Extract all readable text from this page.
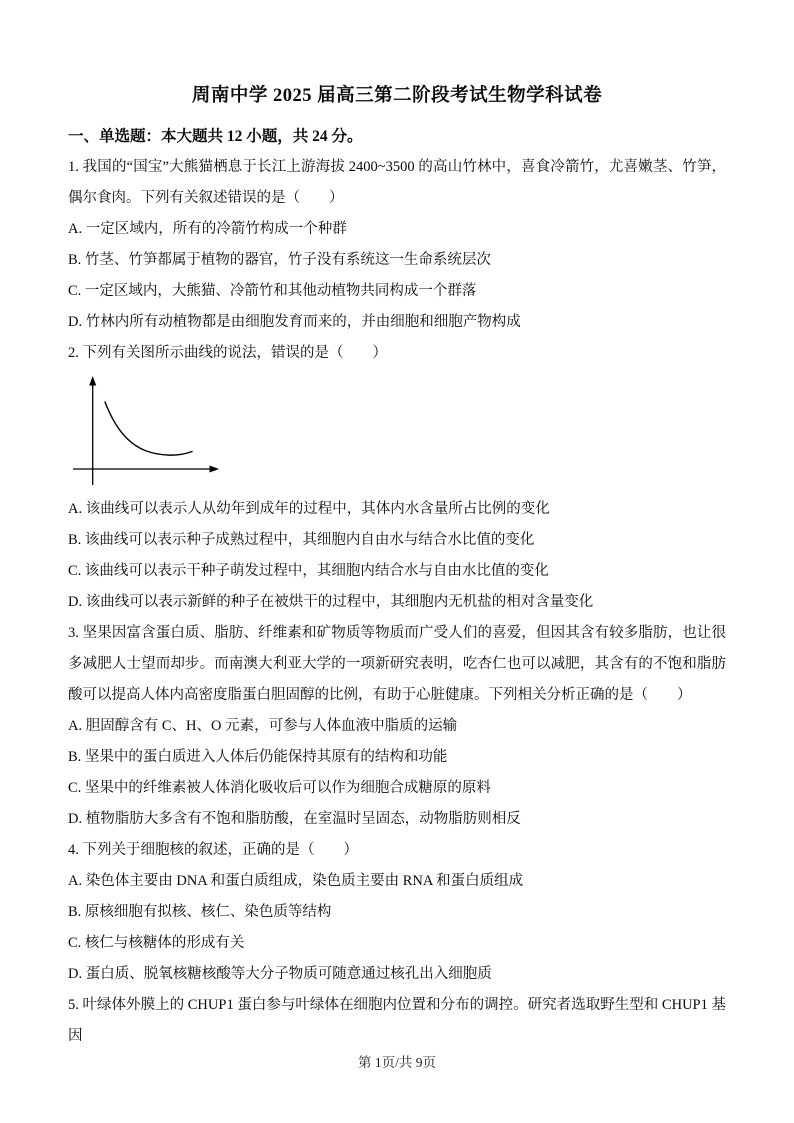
周南中学 2025 届高三第二阶段考试生物学科试卷
一、单选题：本大题共 12 小题，共 24 分。

1. 我国的“国宝”大熊猫栖息于长江上游海拔 2400~3500 的高山竹林中，喜食冷箭竹，尤喜嫩茎、竹笋，偶尔食肉。下列有关叙述错误的是（　　）

A. 一定区域内，所有的冷箭竹构成一个种群

B. 竹茎、竹笋都属于植物的器官，竹子没有系统这一生命系统层次

C. 一定区域内，大熊猫、冷箭竹和其他动植物共同构成一个群落

D. 竹林内所有动植物都是由细胞发育而来的，并由细胞和细胞产物构成

2. 下列有关图所示曲线的说法，错误的是（　　）

A. 该曲线可以表示人从幼年到成年的过程中，其体内水含量所占比例的变化

B. 该曲线可以表示种子成熟过程中，其细胞内自由水与结合水比值的变化

C. 该曲线可以表示干种子萌发过程中，其细胞内结合水与自由水比值的变化

D. 该曲线可以表示新鲜的种子在被烘干的过程中，其细胞内无机盐的相对含量变化

3. 坚果因富含蛋白质、脂肪、纤维素和矿物质等物质而广受人们的喜爱，但因其含有较多脂肪，也让很多减肥人士望而却步。而南澳大利亚大学的一项新研究表明，吃杏仁也可以减肥，其含有的不饱和脂肪酸可以提高人体内高密度脂蛋白胆固醇的比例，有助于心脏健康。下列相关分析正确的是（　　）

A. 胆固醇含有 C、H、O 元素，可参与人体血液中脂质的运输

B. 坚果中的蛋白质进入人体后仍能保持其原有的结构和功能

C. 坚果中的纤维素被人体消化吸收后可以作为细胞合成糖原的原料

D. 植物脂肪大多含有不饱和脂肪酸，在室温时呈固态，动物脂肪则相反

4. 下列关于细胞核的叙述，正确的是（　　）

A. 染色体主要由 DNA 和蛋白质组成，染色质主要由 RNA 和蛋白质组成

B. 原核细胞有拟核、核仁、染色质等结构

C. 核仁与核糖体的形成有关

D. 蛋白质、脱氧核糖核酸等大分子物质可随意通过核孔出入细胞质

5. 叶绿体外膜上的 CHUP1 蛋白参与叶绿体在细胞内位置和分布的调控。研究者选取野生型和 CHUP1 基因

第 1页/共 9页
